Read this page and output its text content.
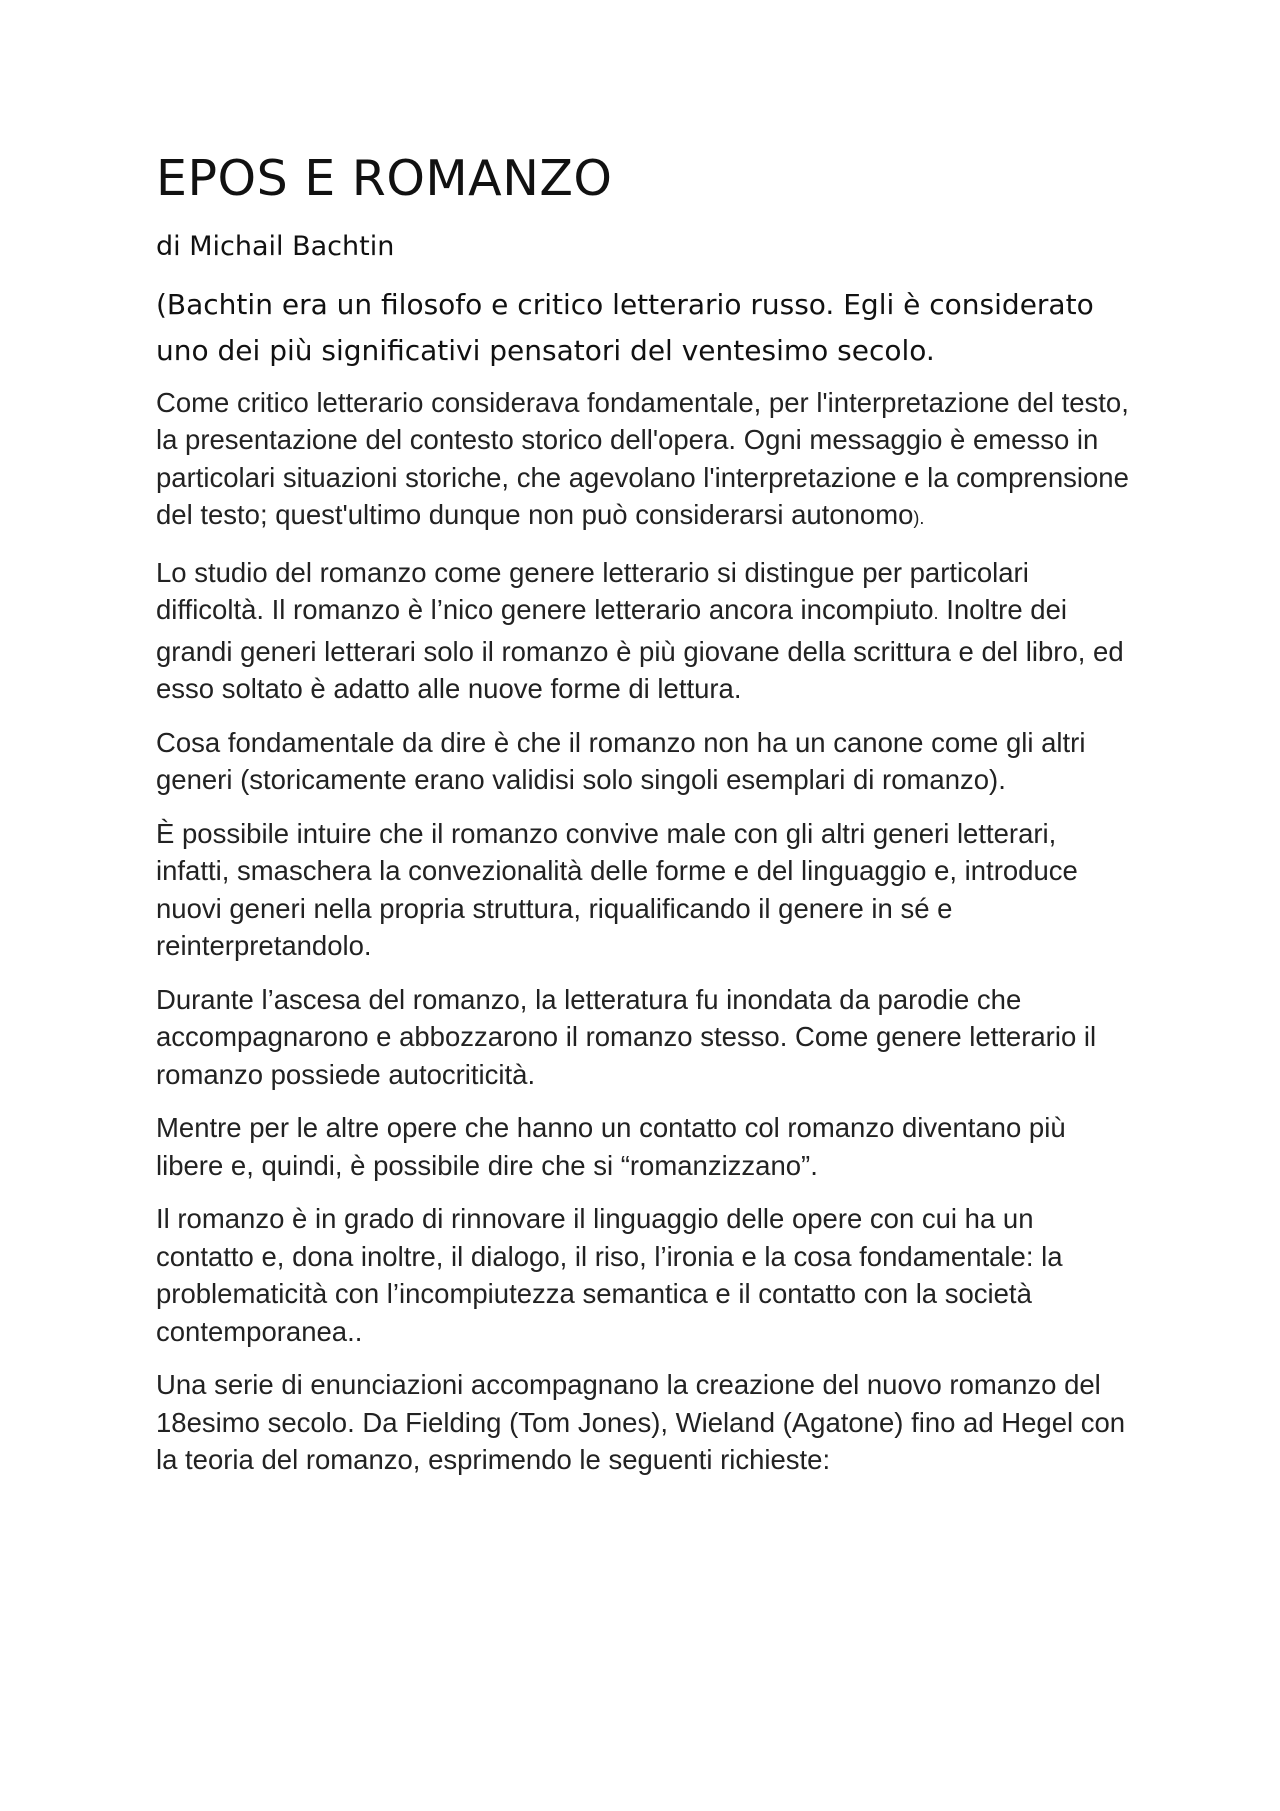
EPOS E ROMANZO
di Michail Bachtin

(Bachtin era un filosofo e critico letterario russo. Egli è considerato uno dei più significativi pensatori del ventesimo secolo.

Come critico letterario considerava fondamentale, per l'interpretazione del testo, la presentazione del contesto storico dell'opera. Ogni messaggio è emesso in particolari situazioni storiche, che agevolano l'interpretazione e la comprensione del testo; quest'ultimo dunque non può considerarsi autonomo).

Lo studio del romanzo come genere letterario si distingue per particolari difficoltà. Il romanzo è l’nico genere letterario ancora incompiuto. Inoltre dei grandi generi letterari solo il romanzo è più giovane della scrittura e del libro, ed esso soltato è adatto alle nuove forme di lettura.

Cosa fondamentale da dire è che il romanzo non ha un canone come gli altri generi (storicamente erano validisi solo singoli esemplari di romanzo).

È possibile intuire che il romanzo convive male con gli altri generi letterari, infatti, smaschera la convezionalità delle forme e del linguaggio e, introduce nuovi generi nella propria struttura, riqualificando il genere in sé e reinterpretandolo.

Durante l’ascesa del romanzo, la letteratura fu inondata da parodie che accompagnarono e abbozzarono il romanzo stesso. Come genere letterario il romanzo possiede autocriticità.

Mentre per le altre opere che hanno un contatto col romanzo diventano più libere e, quindi, è possibile dire che si “romanzizzano”.

Il romanzo è in grado di rinnovare il linguaggio delle opere con cui ha un contatto e, dona inoltre, il dialogo, il riso, l’ironia e la cosa fondamentale: la problematicità con l’incompiutezza semantica e il contatto con la società contemporanea..

Una serie di enunciazioni accompagnano la creazione del nuovo romanzo del 18esimo secolo. Da Fielding (Tom Jones), Wieland (Agatone) fino ad Hegel con la teoria del romanzo, esprimendo le seguenti richieste:
